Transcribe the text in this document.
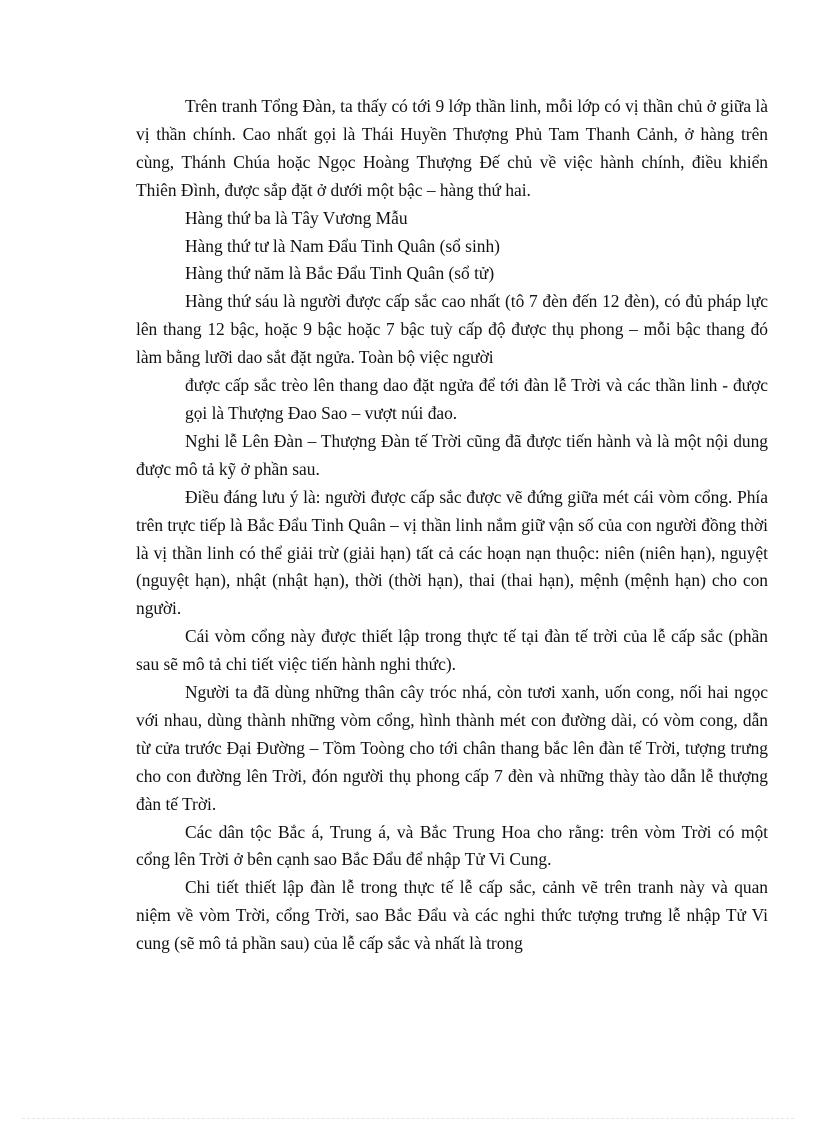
Trên tranh Tổng Đàn, ta thấy có tới 9 lớp thần linh, mỗi lớp có vị thần chủ ở giữa là vị thần chính. Cao nhất gọi là Thái Huyền Thượng Phủ Tam Thanh Cảnh, ở hàng trên cùng, Thánh Chúa hoặc Ngọc Hoàng Thượng Đế chủ về việc hành chính, điều khiển Thiên Đình, được sắp đặt ở dưới một bậc – hàng thứ hai.

Hàng thứ ba là Tây Vương Mẫu

Hàng thứ tư là Nam Đẩu Tinh Quân (sổ sinh)

Hàng thứ năm là Bắc Đẩu Tinh Quân (sổ tử)

Hàng thứ sáu là người được cấp sắc cao nhất (tô 7 đèn đến 12 đèn), có đủ pháp lực lên thang 12 bậc, hoặc 9 bậc hoặc 7 bậc tuỳ cấp độ được thụ phong – mỗi bậc thang đó làm bằng lưỡi dao sắt đặt ngửa. Toàn bộ việc người

được cấp sắc trèo lên thang dao đặt ngửa để tới đàn lễ Trời và các thần linh - được gọi là Thượng Đao Sao – vượt núi đao.

Nghi lễ Lên Đàn – Thượng Đàn tế Trời cũng đã được tiến hành và là một nội dung được mô tả kỹ ở phần sau.

Điều đáng lưu ý là: người được cấp sắc được vẽ đứng giữa mét cái vòm cổng. Phía trên trực tiếp là Bắc Đẩu Tinh Quân – vị thần linh nắm giữ vận số của con người đồng thời là vị thần linh có thể giải trừ (giải hạn) tất cả các hoạn nạn thuộc: niên (niên hạn), nguyệt (nguyệt hạn), nhật (nhật hạn), thời (thời hạn), thai (thai hạn), mệnh (mệnh hạn) cho con người.

Cái vòm cổng này được thiết lập trong thực tế tại đàn tế trời của lễ cấp sắc (phần sau sẽ mô tả chi tiết việc tiến hành nghi thức).

Người ta đã dùng những thân cây tróc nhá, còn tươi xanh, uốn cong, nối hai ngọc với nhau, dùng thành những vòm cổng, hình thành mét con đường dài, có vòm cong, dẫn từ cửa trước Đại Đường – Tồm Toòng cho tới chân thang bắc lên đàn tế Trời, tượng trưng cho con đường lên Trời, đón người thụ phong cấp 7 đèn và những thày tào dẫn lễ thượng đàn tế Trời.

Các dân tộc Bắc á, Trung á, và Bắc Trung Hoa cho rằng: trên vòm Trời có một cổng lên Trời ở bên cạnh sao Bắc Đẩu để nhập Tử Vi Cung.

Chi tiết thiết lập đàn lễ trong thực tế lễ cấp sắc, cảnh vẽ trên tranh này và quan niệm về vòm Trời, cổng Trời, sao Bắc Đẩu và các nghi thức tượng trưng lễ nhập Tử Vi cung (sẽ mô tả phần sau) của lễ cấp sắc và nhất là trong
